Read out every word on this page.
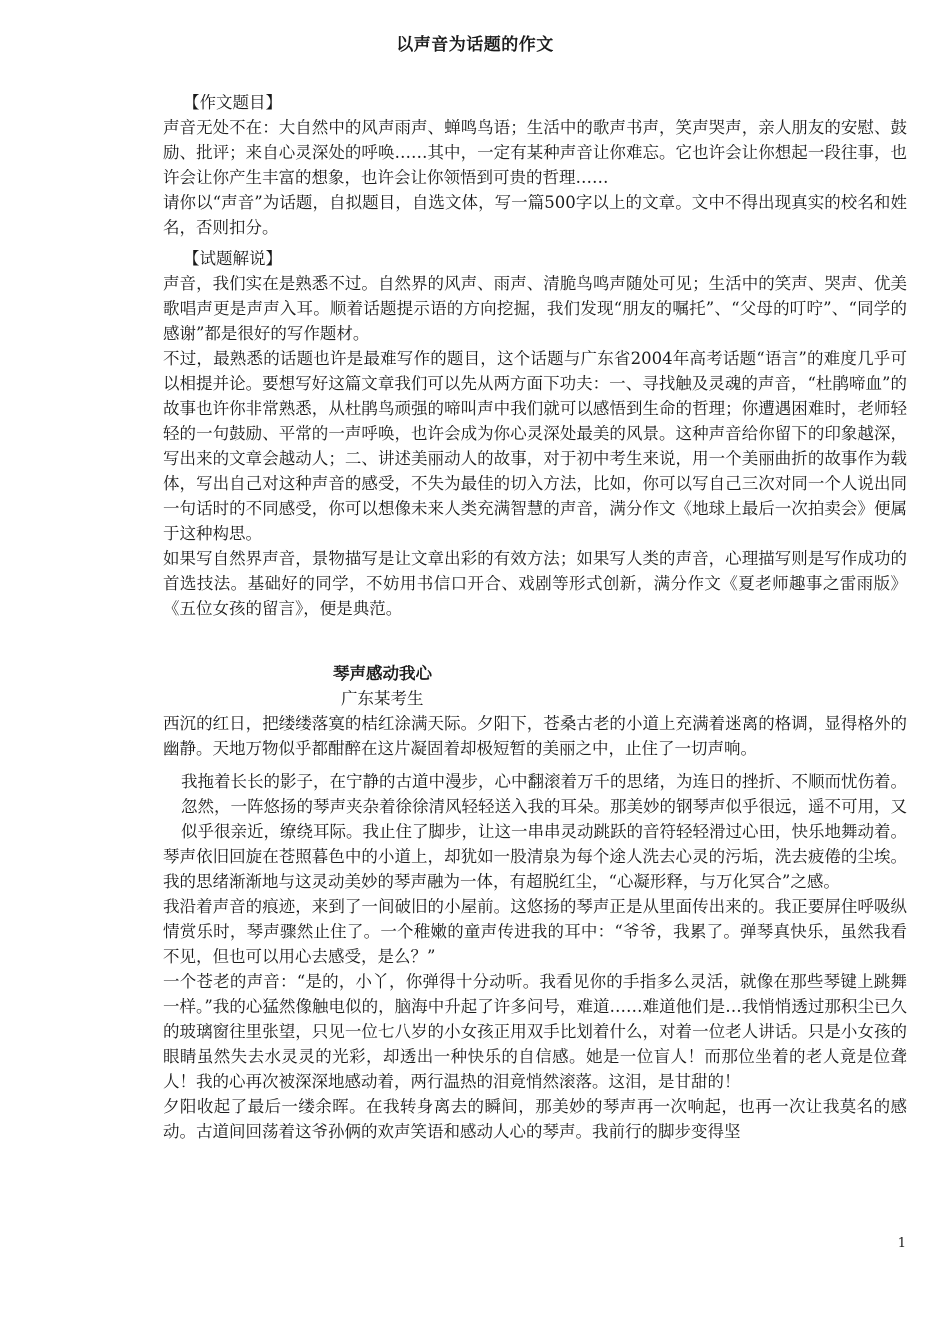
以声音为话题的作文

【作文题目】

声音无处不在：大自然中的风声雨声、蝉鸣鸟语；生活中的歌声书声，笑声哭声，亲人朋友的安慰、鼓励、批评；来自心灵深处的呼唤……其中，一定有某种声音让你难忘。它也许会让你想起一段往事，也许会让你产生丰富的想象，也许会让你领悟到可贵的哲理……

请你以“声音”为话题，自拟题目，自选文体，写一篇500字以上的文章。文中不得出现真实的校名和姓名，否则扣分。

【试题解说】

声音，我们实在是熟悉不过。自然界的风声、雨声、清脆鸟鸣声随处可见；生活中的笑声、哭声、优美歌唱声更是声声入耳。顺着话题提示语的方向挖掘，我们发现“朋友的嘱托”、“父母的叮咛”、“同学的感谢”都是很好的写作题材。

不过，最熟悉的话题也许是最难写作的题目，这个话题与广东省2004年高考话题“语言”的难度几乎可以相提并论。要想写好这篇文章我们可以先从两方面下功夫：一、寻找触及灵魂的声音，“杜鹃啼血”的故事也许你非常熟悉，从杜鹃鸟顽强的啼叫声中我们就可以感悟到生命的哲理；你遭遇困难时，老师轻轻的一句鼓励、平常的一声呼唤，也许会成为你心灵深处最美的风景。这种声音给你留下的印象越深，写出来的文章会越动人；二、讲述美丽动人的故事，对于初中考生来说，用一个美丽曲折的故事作为载体，写出自己对这种声音的感受，不失为最佳的切入方法，比如，你可以写自己三次对同一个人说出同一句话时的不同感受，你可以想像未来人类充满智慧的声音，满分作文《地球上最后一次拍卖会》便属于这种构思。

如果写自然界声音，景物描写是让文章出彩的有效方法；如果写人类的声音，心理描写则是写作成功的首选技法。基础好的同学，不妨用书信口开合、戏剧等形式创新，满分作文《夏老师趣事之雷雨版》《五位女孩的留言》，便是典范。

琴声感动我心

广东某考生

西沉的红日，把缕缕落寞的桔红涂满天际。夕阳下，苍桑古老的小道上充满着迷离的格调，显得格外的幽静。天地万物似乎都酣醉在这片凝固着却极短暂的美丽之中，止住了一切声响。

我拖着长长的影子，在宁静的古道中漫步，心中翻滚着万千的思绪，为连日的挫折、不顺而忧伤着。忽然，一阵悠扬的琴声夹杂着徐徐清风轻轻送入我的耳朵。那美妙的钢琴声似乎很远，遥不可用，又似乎很亲近，缭绕耳际。我止住了脚步，让这一串串灵动跳跃的音符轻轻滑过心田，快乐地舞动着。

琴声依旧回旋在苍照暮色中的小道上，却犹如一股清泉为每个途人洗去心灵的污垢，洗去疲倦的尘埃。我的思绪渐渐地与这灵动美妙的琴声融为一体，有超脱红尘，“心凝形释，与万化冥合”之感。

我沿着声音的痕迹，来到了一间破旧的小屋前。这悠扬的琴声正是从里面传出来的。我正要屏住呼吸纵情赏乐时，琴声骤然止住了。一个稚嫩的童声传进我的耳中：“爷爷，我累了。弹琴真快乐，虽然我看不见，但也可以用心去感受，是么？”

一个苍老的声音：“是的，小丫，你弹得十分动听。我看见你的手指多么灵活，就像在那些琴键上跳舞一样。”我的心猛然像触电似的，脑海中升起了许多问号，难道……难道他们是…我悄悄透过那积尘已久的玻璃窗往里张望，只见一位七八岁的小女孩正用双手比划着什么，对着一位老人讲话。只是小女孩的眼睛虽然失去水灵灵的光彩，却透出一种快乐的自信感。她是一位盲人！而那位坐着的老人竟是位聋人！我的心再次被深深地感动着，两行温热的泪竟悄然滚落。这泪，是甘甜的！

夕阳收起了最后一缕余晖。在我转身离去的瞬间，那美妙的琴声再一次响起，也再一次让我莫名的感动。古道间回荡着这爷孙俩的欢声笑语和感动人心的琴声。我前行的脚步变得坚

1
